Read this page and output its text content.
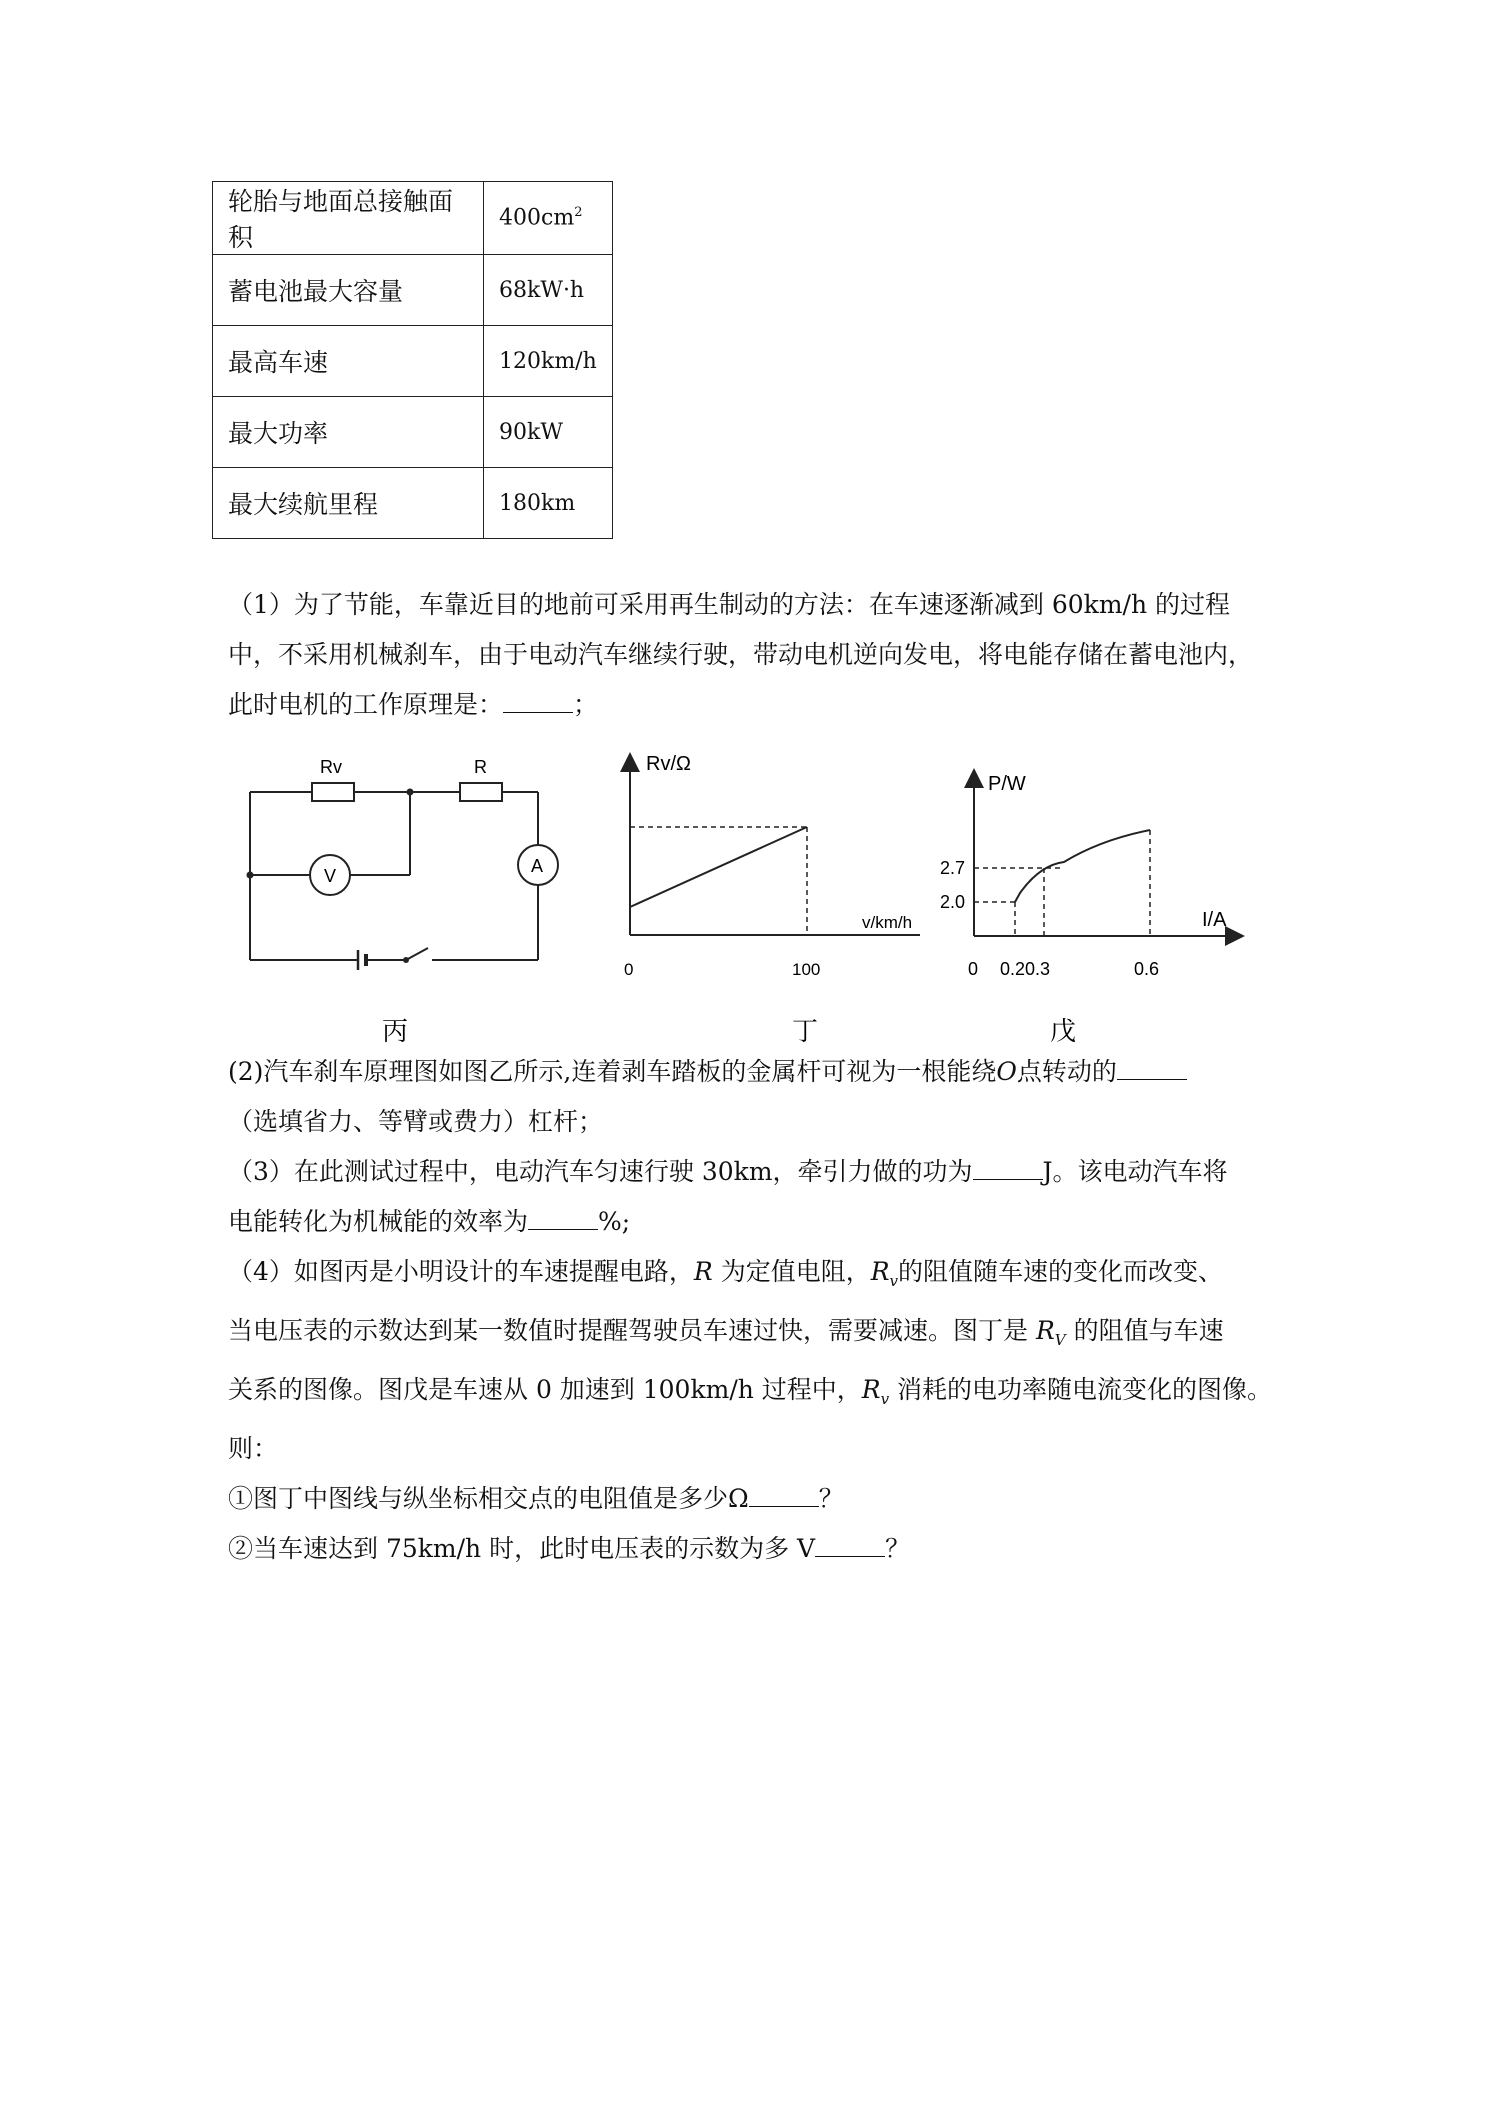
轮胎与地面总接触面积	$400cm^2$
蓄电池最大容量	68kW·h
最高车速	120km/h
最大功率	90kW
最大续航里程	180km
（1）为了节能，车靠近目的地前可采用再生制动的方法：在车速逐渐减到 60km/h 的过程
中，不采用机械刹车，由于电动汽车继续行驶，带动电机逆向发电，将电能存储在蓄电池内，
此时电机的工作原理是：	；
Rv	R
V	A
丙
Rv/Ω
v/km/h
0	100
丁
P/W
I/A
2.7
2.0
0 0.20.3	0.6
戊
(2)汽车刹车原理图如图乙所示,连着剥车踏板的金属杆可视为一根能绕O点转动的
（选填省力、等臂或费力）杠杆；
（3）在此测试过程中，电动汽车匀速行驶 30km，牵引力做的功为	J。该电动汽车将
电能转化为机械能的效率为	%;
（4）如图丙是小明设计的车速提醒电路，R 为定值电阻，$R_v$的阻值随车速的变化而改变、
当电压表的示数达到某一数值时提醒驾驶员车速过快，需要减速。图丁是 $R_V$ 的阻值与车速
关系的图像。图戊是车速从 0 加速到 100km/h 过程中，$R_v$ 消耗的电功率随电流变化的图像。
则：
①图丁中图线与纵坐标相交点的电阻值是多少Ω	？
②当车速达到 75km/h 时，此时电压表的示数为多 V	？
